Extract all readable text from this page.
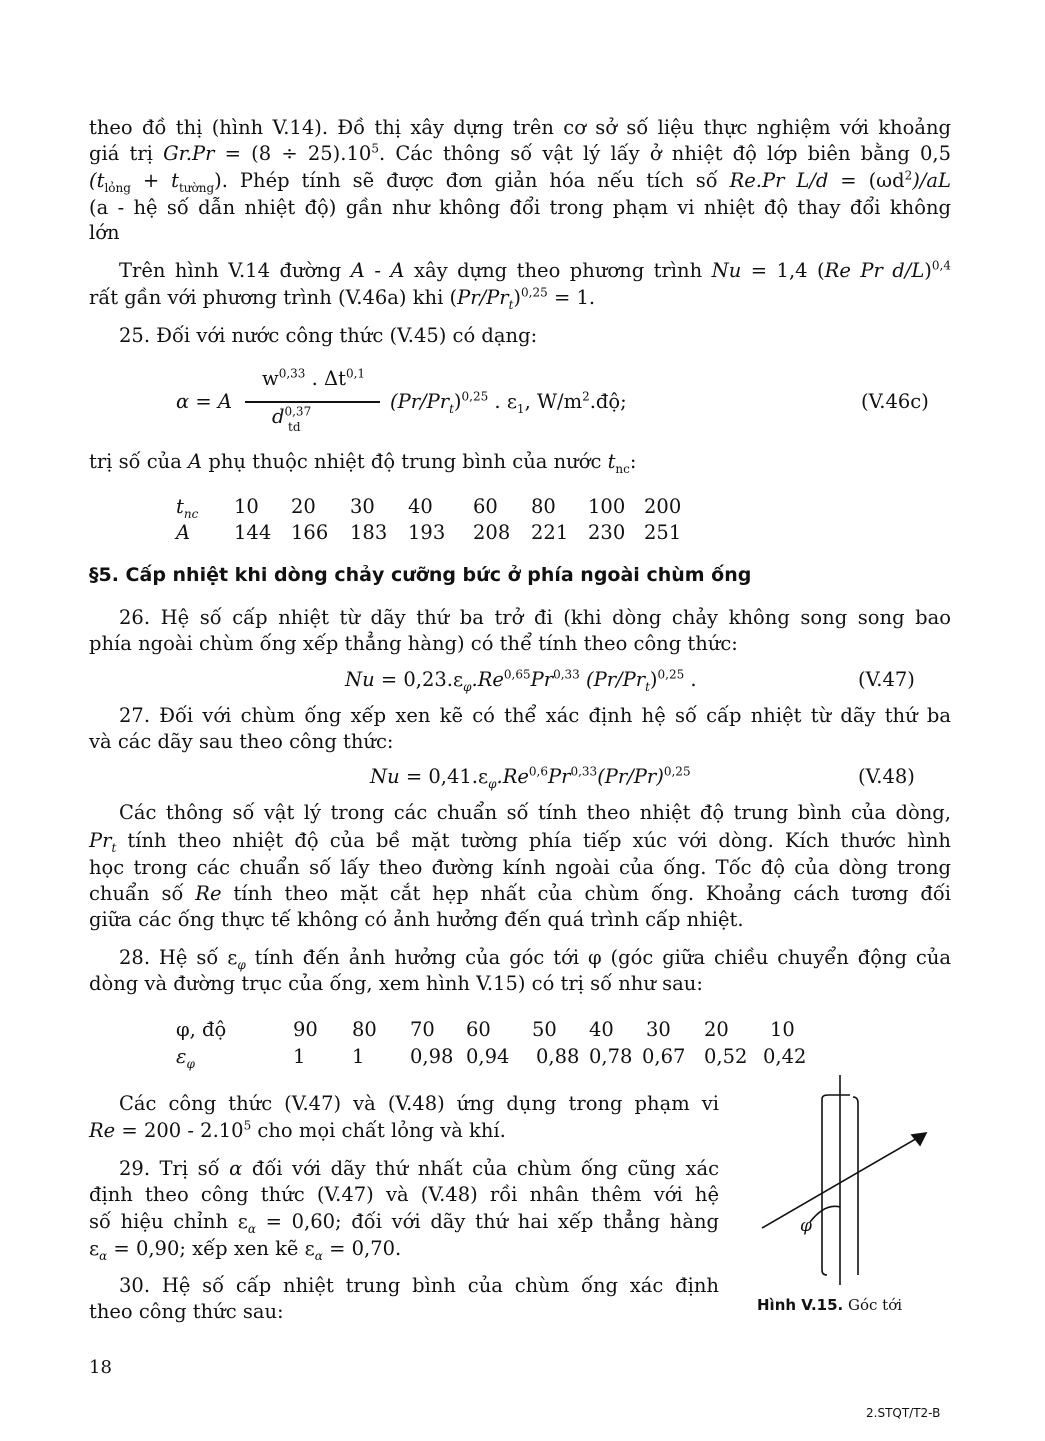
theo đồ thị (hình V.14). Đồ thị xây dựng trên cơ sở số liệu thực nghiệm với khoảng
giá trị $Gr.Pr = (8 \div 25).10^5$. Các thông số vật lý lấy ở nhiệt độ lớp biên bằng 0,5
$(t_{lỏng} + t_{tường})$. Phép tính sẽ được đơn giản hóa nếu tích số Re.Pr $L/d = (\omega d^2)/aL$
(a - hệ số dẫn nhiệt độ) gần như không đổi trong phạm vi nhiệt độ thay đổi không
lớn
Trên hình V.14 đường A - A xây dựng theo phương trình Nu = 1,4 (Re Pr d/L)$^{0,4}$
rất gần với phương trình (V.46a) khi $(Pr/Pr_t)^{0,25} = 1$.
25. Đối với nước công thức (V.45) có dạng:
α = A
$w^{0,33}$ . Δt$^{0,1}$
$d^{0,37}$
td
$(Pr/Pr_t)^{0,25}$ . $\varepsilon_1$, $W/m^2.độ$;	(V.46c)
trị số của A phụ thuộc nhiệt độ trung bình của nước $t_{nc}$:
$t_{nc}$ 10 20 30 40 60 80 100 200
A 144 166 183 193 208 221 230 251
§5. Cấp nhiệt khi dòng chảy cưỡng bức ở phía ngoài chùm ống
26. Hệ số cấp nhiệt từ dãy thứ ba trở đi (khi dòng chảy không song song bao
phía ngoài chùm ống xếp thẳng hàng) có thể tính theo công thức:
$Nu = 0,23.\varepsilon_\varphi.Re^{0,65}Pr^{0,33}$ $(Pr/Pr_t)^{0,25}$ .	(V.47)
27. Đối với chùm ống xếp xen kẽ có thể xác định hệ số cấp nhiệt từ dãy thứ ba
và các dãy sau theo công thức:
$Nu = 0,41.\varepsilon_\varphi.Re^{0,6}Pr^{0,33}(Pr/Pr)^{0,25}$	(V.48)
Các thông số vật lý trong các chuẩn số tính theo nhiệt độ trung bình của dòng,
$Pr_t$ tính theo nhiệt độ của bề mặt tường phía tiếp xúc với dòng. Kích thước hình
học trong các chuẩn số lấy theo đường kính ngoài của ống. Tốc độ của dòng trong
chuẩn số Re tính theo mặt cắt hẹp nhất của chùm ống. Khoảng cách tương đối
giữa các ống thực tế không có ảnh hưởng đến quá trình cấp nhiệt.
28. Hệ số $\varepsilon_\varphi$ tính đến ảnh hưởng của góc tới φ (góc giữa chiều chuyển động của
dòng và đường trục của ống, xem hình V.15) có trị số như sau:
φ, độ	90 80 70 60 50 40 30 20 10
$\varepsilon_\varphi$	1 1 0,98 0,94 0,88 0,78 0,67 0,52 0,42
Các công thức (V.47) và (V.48) ứng dụng trong phạm vi
Re = 200 - 2.10$^5$ cho mọi chất lỏng và khí.
29. Trị số α đối với dãy thứ nhất của chùm ống cũng xác
định theo công thức (V.47) và (V.48) rồi nhân thêm với hệ
số hiệu chỉnh $\varepsilon_\alpha = 0,60$; đối với dãy thứ hai xếp thẳng hàng
$\varepsilon_\alpha = 0,90$; xếp xen kẽ $\varepsilon_\alpha = 0,70$.
30. Hệ số cấp nhiệt trung bình của chùm ống xác định
theo công thức sau:
φ
Hình V.15. Góc tới
18
2.STQT/T2-B
